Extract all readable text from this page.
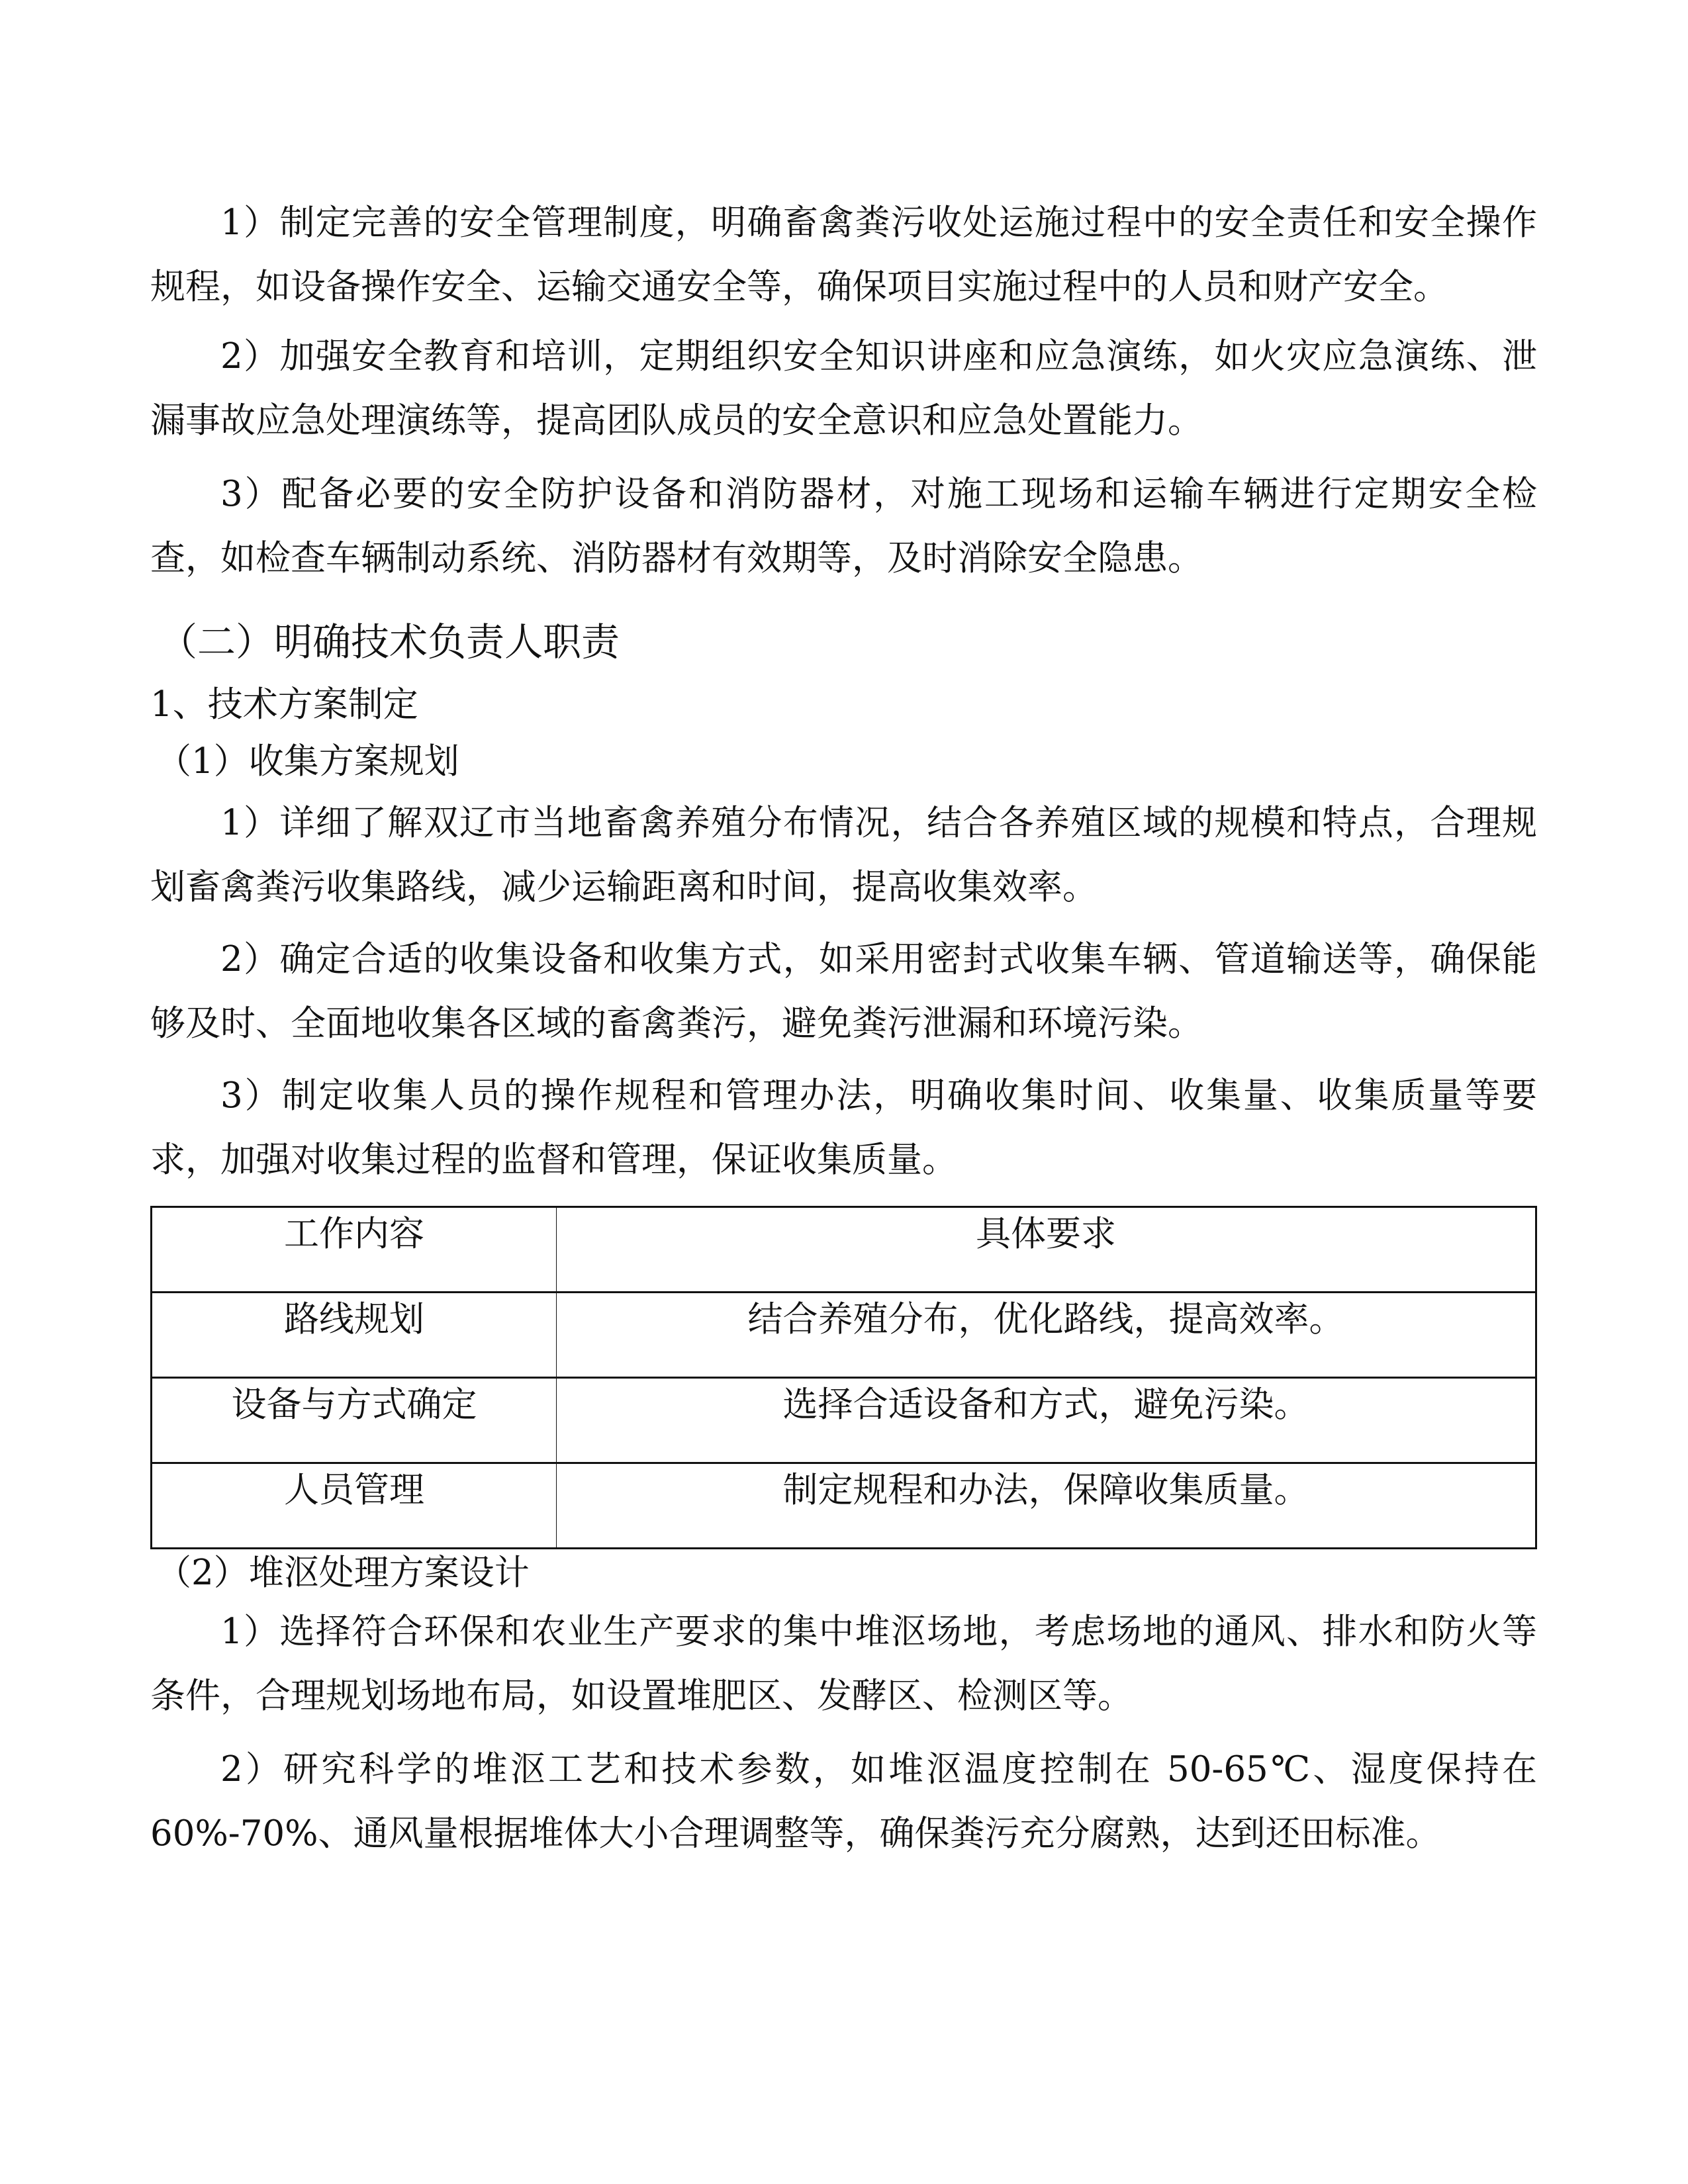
1）制定完善的安全管理制度，明确畜禽粪污收处运施过程中的安全责任和安全操作规程，如设备操作安全、运输交通安全等，确保项目实施过程中的人员和财产安全。

2）加强安全教育和培训，定期组织安全知识讲座和应急演练，如火灾应急演练、泄漏事故应急处理演练等，提高团队成员的安全意识和应急处置能力。

3）配备必要的安全防护设备和消防器材，对施工现场和运输车辆进行定期安全检查，如检查车辆制动系统、消防器材有效期等，及时消除安全隐患。

（二）明确技术负责人职责
1、技术方案制定
（1）收集方案规划

1）详细了解双辽市当地畜禽养殖分布情况，结合各养殖区域的规模和特点，合理规划畜禽粪污收集路线，减少运输距离和时间，提高收集效率。

2）确定合适的收集设备和收集方式，如采用密封式收集车辆、管道输送等，确保能够及时、全面地收集各区域的畜禽粪污，避免粪污泄漏和环境污染。

3）制定收集人员的操作规程和管理办法，明确收集时间、收集量、收集质量等要求，加强对收集过程的监督和管理，保证收集质量。

工作内容	具体要求
路线规划	结合养殖分布，优化路线，提高效率。
设备与方式确定	选择合适设备和方式，避免污染。
人员管理	制定规程和办法，保障收集质量。
（2）堆沤处理方案设计

1）选择符合环保和农业生产要求的集中堆沤场地，考虑场地的通风、排水和防火等条件，合理规划场地布局，如设置堆肥区、发酵区、检测区等。

2）研究科学的堆沤工艺和技术参数，如堆沤温度控制在 50-65℃、湿度保持在 60%-70%、通风量根据堆体大小合理调整等，确保粪污充分腐熟，达到还田标准。
